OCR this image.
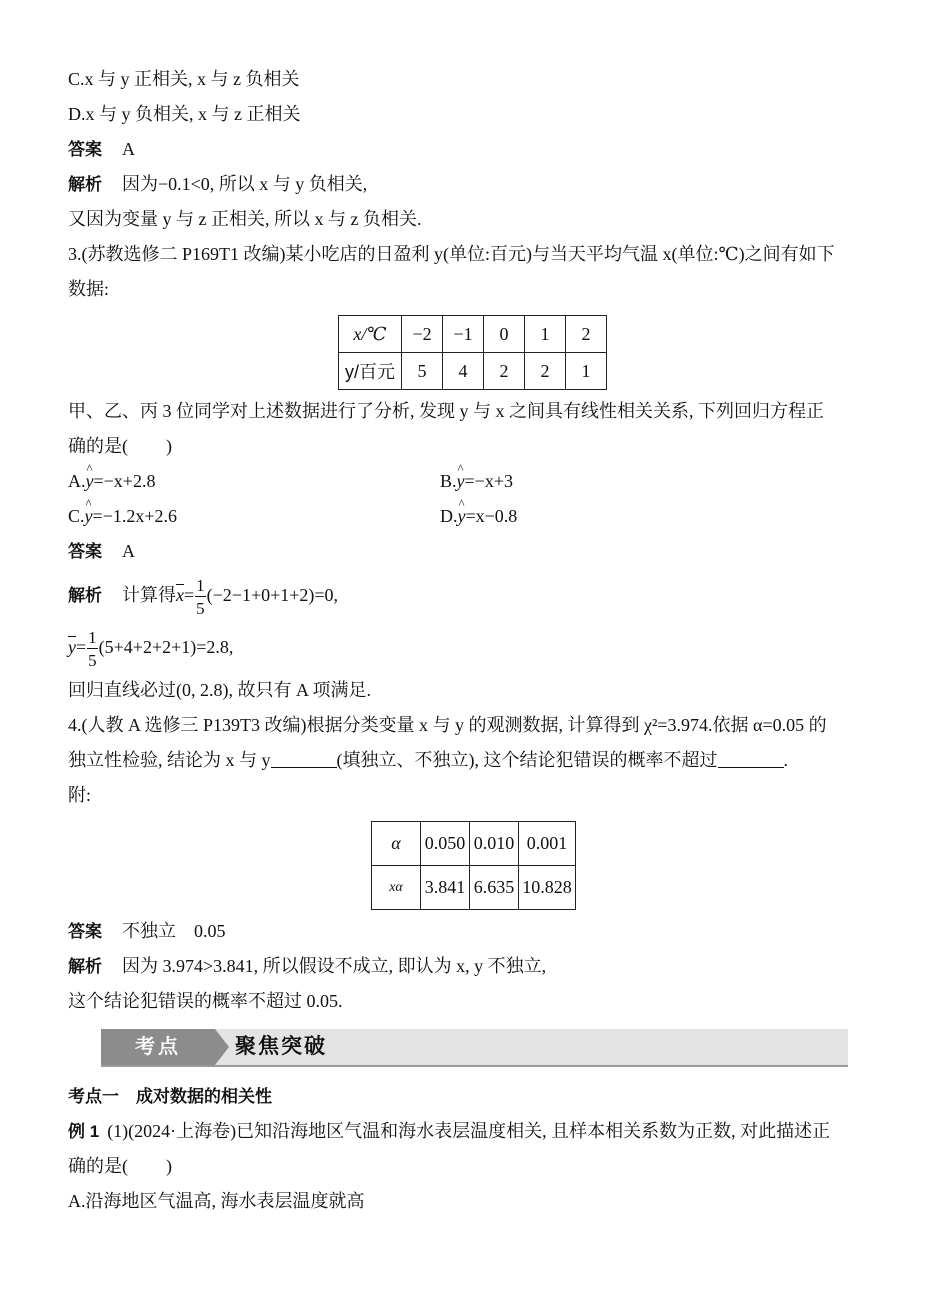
C.x 与 y 正相关, x 与 z 负相关
D.x 与 y 负相关, x 与 z 正相关
答案 A
解析 因为−0.1<0, 所以 x 与 y 负相关,
又因为变量 y 与 z 正相关, 所以 x 与 z 负相关.
3.(苏教选修二 P169T1 改编)某小吃店的日盈利 y(单位:百元)与当天平均气温 x(单位:℃)之间有如下
数据:
x/℃	−2	−1	0	1	2
y/百元	5	4	2	2	1
甲、乙、丙 3 位同学对上述数据进行了分析, 发现 y 与 x 之间具有线性相关关系, 下列回归方程正
确的是( )
A.^ y=−x+2.8	B.^ y=−x+3
C.^ y=−1.2x+2.6	D.^ y=x−0.8
答案 A
解析 计算得$\overline{x}= \frac{1}{5} (-2-1+0+1+2)=0$,
$\overline{y}= \frac{1}{5} (5+4+2+2+1)=2.8$,
回归直线必过(0, 2.8), 故只有 A 项满足.
4.(人教 A 选修三 P139T3 改编)根据分类变量 x 与 y 的观测数据, 计算得到 χ²=3.974.依据 α=0.05 的
独立性检验, 结论为 x 与 y	(填独立、不独立), 这个结论犯错误的概率不超过	.
附:
α	0.050	0.010	0.001
xα	3.841	6.635	10.828
答案 不独立　0.05
解析 因为 3.974>3.841, 所以假设不成立, 即认为 x, y 不独立,
这个结论犯错误的概率不超过 0.05.
考点	聚焦突破
考点一　成对数据的相关性
例 1 (1)(2024·上海卷)已知沿海地区气温和海水表层温度相关, 且样本相关系数为正数, 对此描述正
确的是( )
A.沿海地区气温高, 海水表层温度就高
